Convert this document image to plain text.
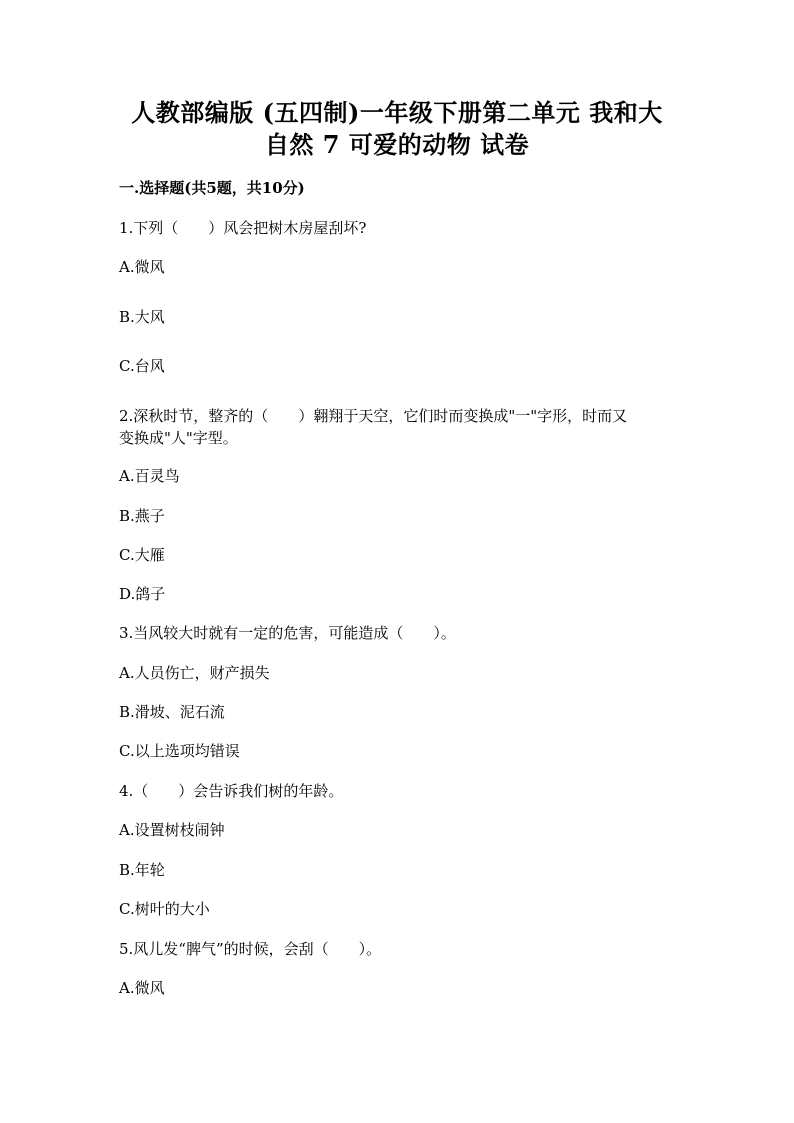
人教部编版 (五四制)一年级下册第二单元 我和大
自然 7 可爱的动物 试卷
一.选择题(共5题，共10分)
1.下列（　　）风会把树木房屋刮坏?
A.微风
B.大风
C.台风
2.深秋时节，整齐的（　　）翱翔于天空，它们时而变换成"一"字形，时而又
变换成"人"字型。
A.百灵鸟
B.燕子
C.大雁
D.鸽子
3.当风较大时就有一定的危害，可能造成（　　）。
A.人员伤亡，财产损失
B.滑坡、泥石流
C.以上选项均错误
4.（　　）会告诉我们树的年龄。
A.设置树枝闹钟
B.年轮
C.树叶的大小
5.风儿发“脾气”的时候，会刮（　　）。
A.微风
